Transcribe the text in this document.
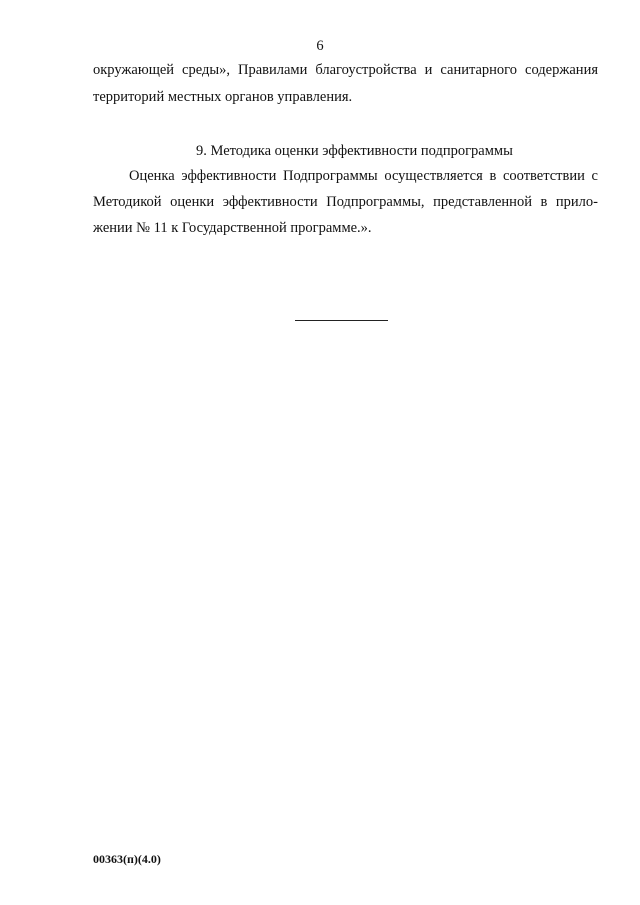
6
окружающей среды», Правилами благоустройства и санитарного содержания
территорий местных органов управления.
9. Методика оценки эффективности подпрограммы
Оценка эффективности Подпрограммы осуществляется в соответствии с
Методикой оценки эффективности Подпрограммы, представленной в прило-
жении № 11 к Государственной программе.».
00363(п)(4.0)
